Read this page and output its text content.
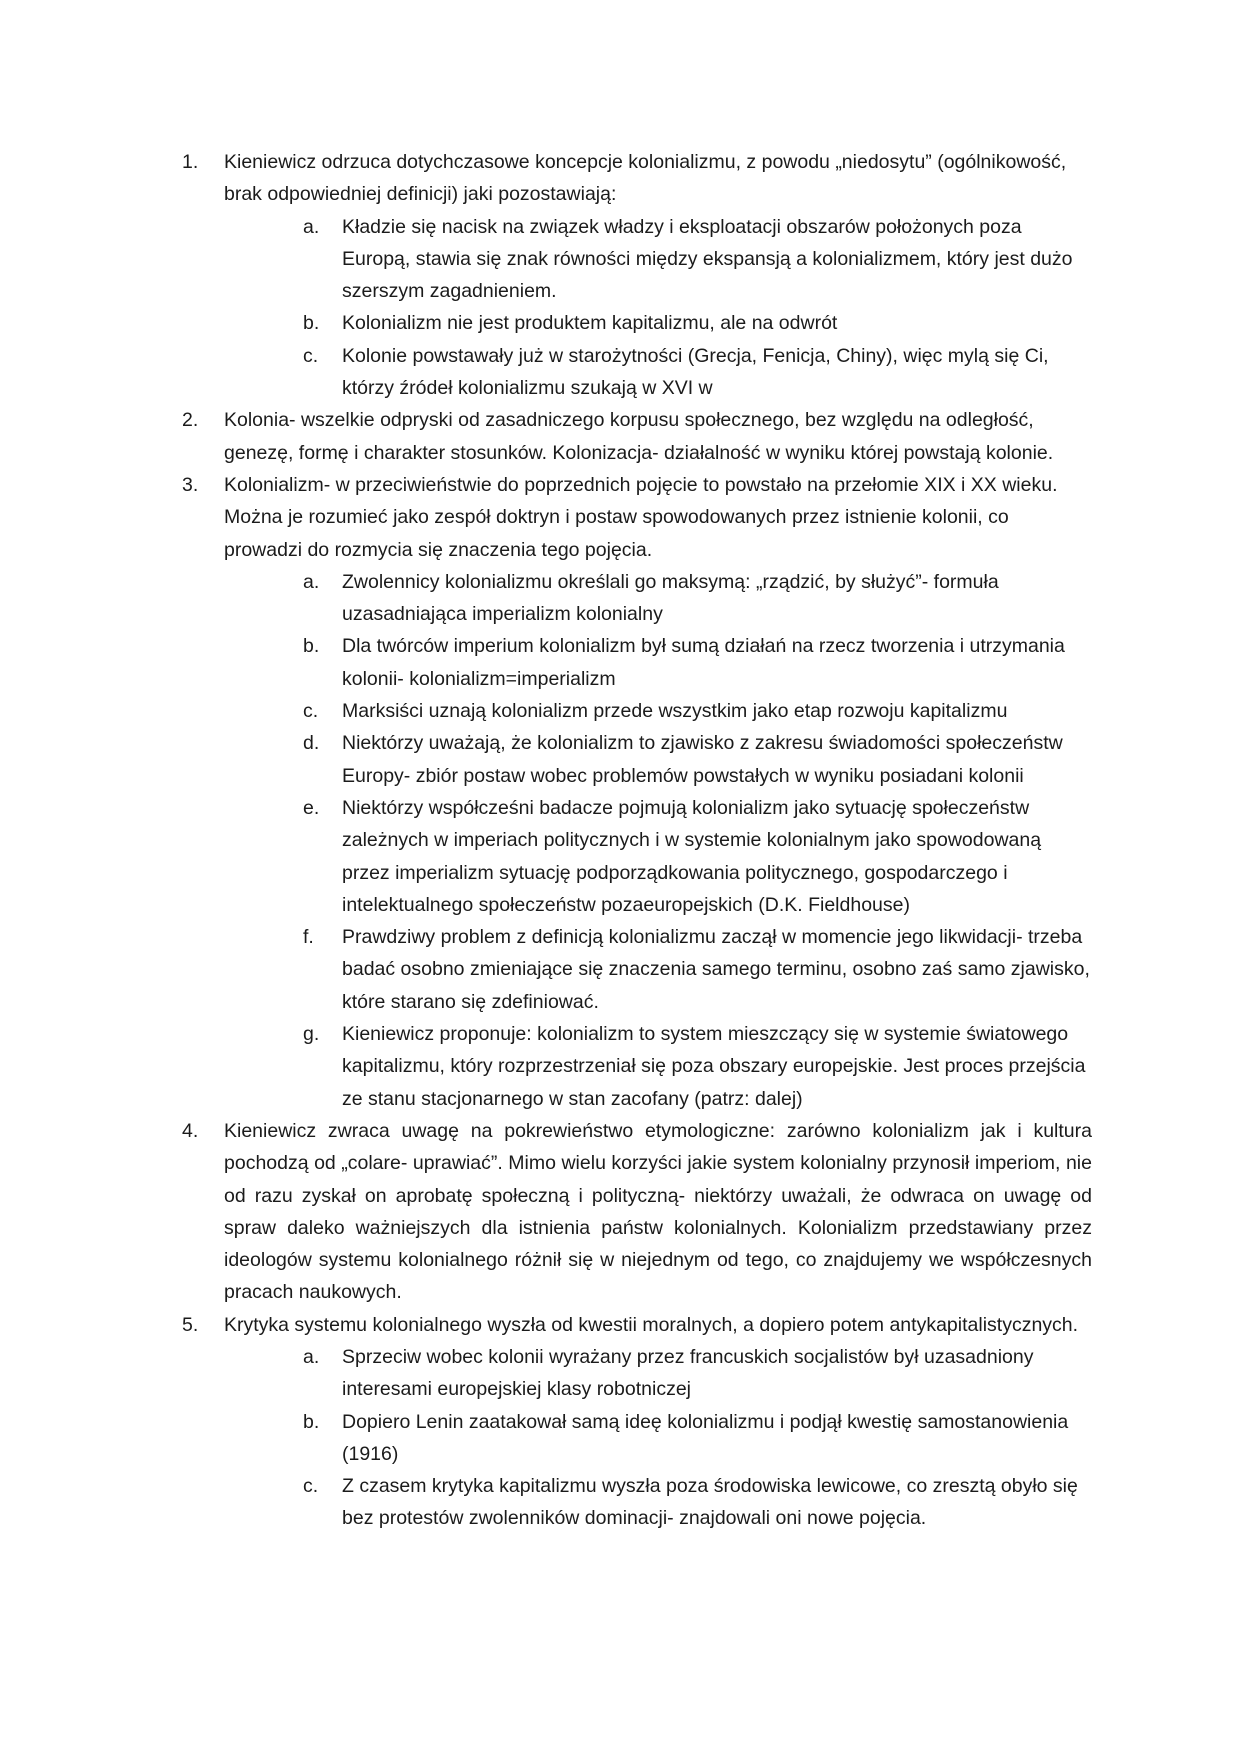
1. Kieniewicz odrzuca dotychczasowe koncepcje kolonializmu, z powodu „niedosytu” (ogólnikowość, brak odpowiedniej definicji) jaki pozostawiają:
a. Kładzie się nacisk na związek władzy i eksploatacji obszarów położonych poza Europą, stawia się znak równości między ekspansją a kolonializmem, który jest dużo szerszym zagadnieniem.
b. Kolonializm nie jest produktem kapitalizmu, ale na odwrót
c. Kolonie powstawały już w starożytności (Grecja, Fenicja, Chiny), więc mylą się Ci, którzy źródeł kolonializmu szukają w XVI w
2. Kolonia- wszelkie odpryski od zasadniczego korpusu społecznego, bez względu na odległość, genezę, formę i charakter stosunków. Kolonizacja- działalność w wyniku której powstają kolonie.
3. Kolonializm- w przeciwieństwie do poprzednich pojęcie to powstało na przełomie XIX i XX wieku. Można je rozumieć jako zespół doktryn i postaw spowodowanych przez istnienie kolonii, co prowadzi do rozmycia się znaczenia tego pojęcia.
a. Zwolennicy kolonializmu określali go maksymą: „rządzić, by służyć”- formuła uzasadniająca imperializm kolonialny
b. Dla twórców imperium kolonializm był sumą działań na rzecz tworzenia i utrzymania kolonii- kolonializm=imperializm
c. Marksiści uznają kolonializm przede wszystkim jako etap rozwoju kapitalizmu
d. Niektórzy uważają, że kolonializm to zjawisko z zakresu świadomości społeczeństw Europy- zbiór postaw wobec problemów powstałych w wyniku posiadani kolonii
e. Niektórzy współcześni badacze pojmują kolonializm jako sytuację społeczeństw zależnych w imperiach politycznych i w systemie kolonialnym jako spowodowaną przez imperializm sytuację podporządkowania politycznego, gospodarczego i intelektualnego społeczeństw pozaeuropejskich (D.K. Fieldhouse)
f. Prawdziwy problem z definicją kolonializmu zaczął w momencie jego likwidacji- trzeba badać osobno zmieniające się znaczenia samego terminu, osobno zaś samo zjawisko, które starano się zdefiniować.
g. Kieniewicz proponuje: kolonializm to system mieszczący się w systemie światowego kapitalizmu, który rozprzestrzeniał się poza obszary europejskie. Jest proces przejścia ze stanu stacjonarnego w stan zacofany (patrz: dalej)
4. Kieniewicz zwraca uwagę na pokrewieństwo etymologiczne: zarówno kolonializm jak i kultura pochodzą od „colare- uprawiać”. Mimo wielu korzyści jakie system kolonialny przynosił imperiom, nie od razu zyskał on aprobatę społeczną i polityczną- niektórzy uważali, że odwraca on uwagę od spraw daleko ważniejszych dla istnienia państw kolonialnych. Kolonializm przedstawiany przez ideologów systemu kolonialnego różnił się w niejednym od tego, co znajdujemy we współczesnych pracach naukowych.
5. Krytyka systemu kolonialnego wyszła od kwestii moralnych, a dopiero potem antykapitalistycznych.
a. Sprzeciw wobec kolonii wyrażany przez francuskich socjalistów był uzasadniony interesami europejskiej klasy robotniczej
b. Dopiero Lenin zaatakował samą ideę kolonializmu i podjął kwestię samostanowienia (1916)
c. Z czasem krytyka kapitalizmu wyszła poza środowiska lewicowe, co zresztą obyło się bez protestów zwolenników dominacji- znajdowali oni nowe pojęcia.
